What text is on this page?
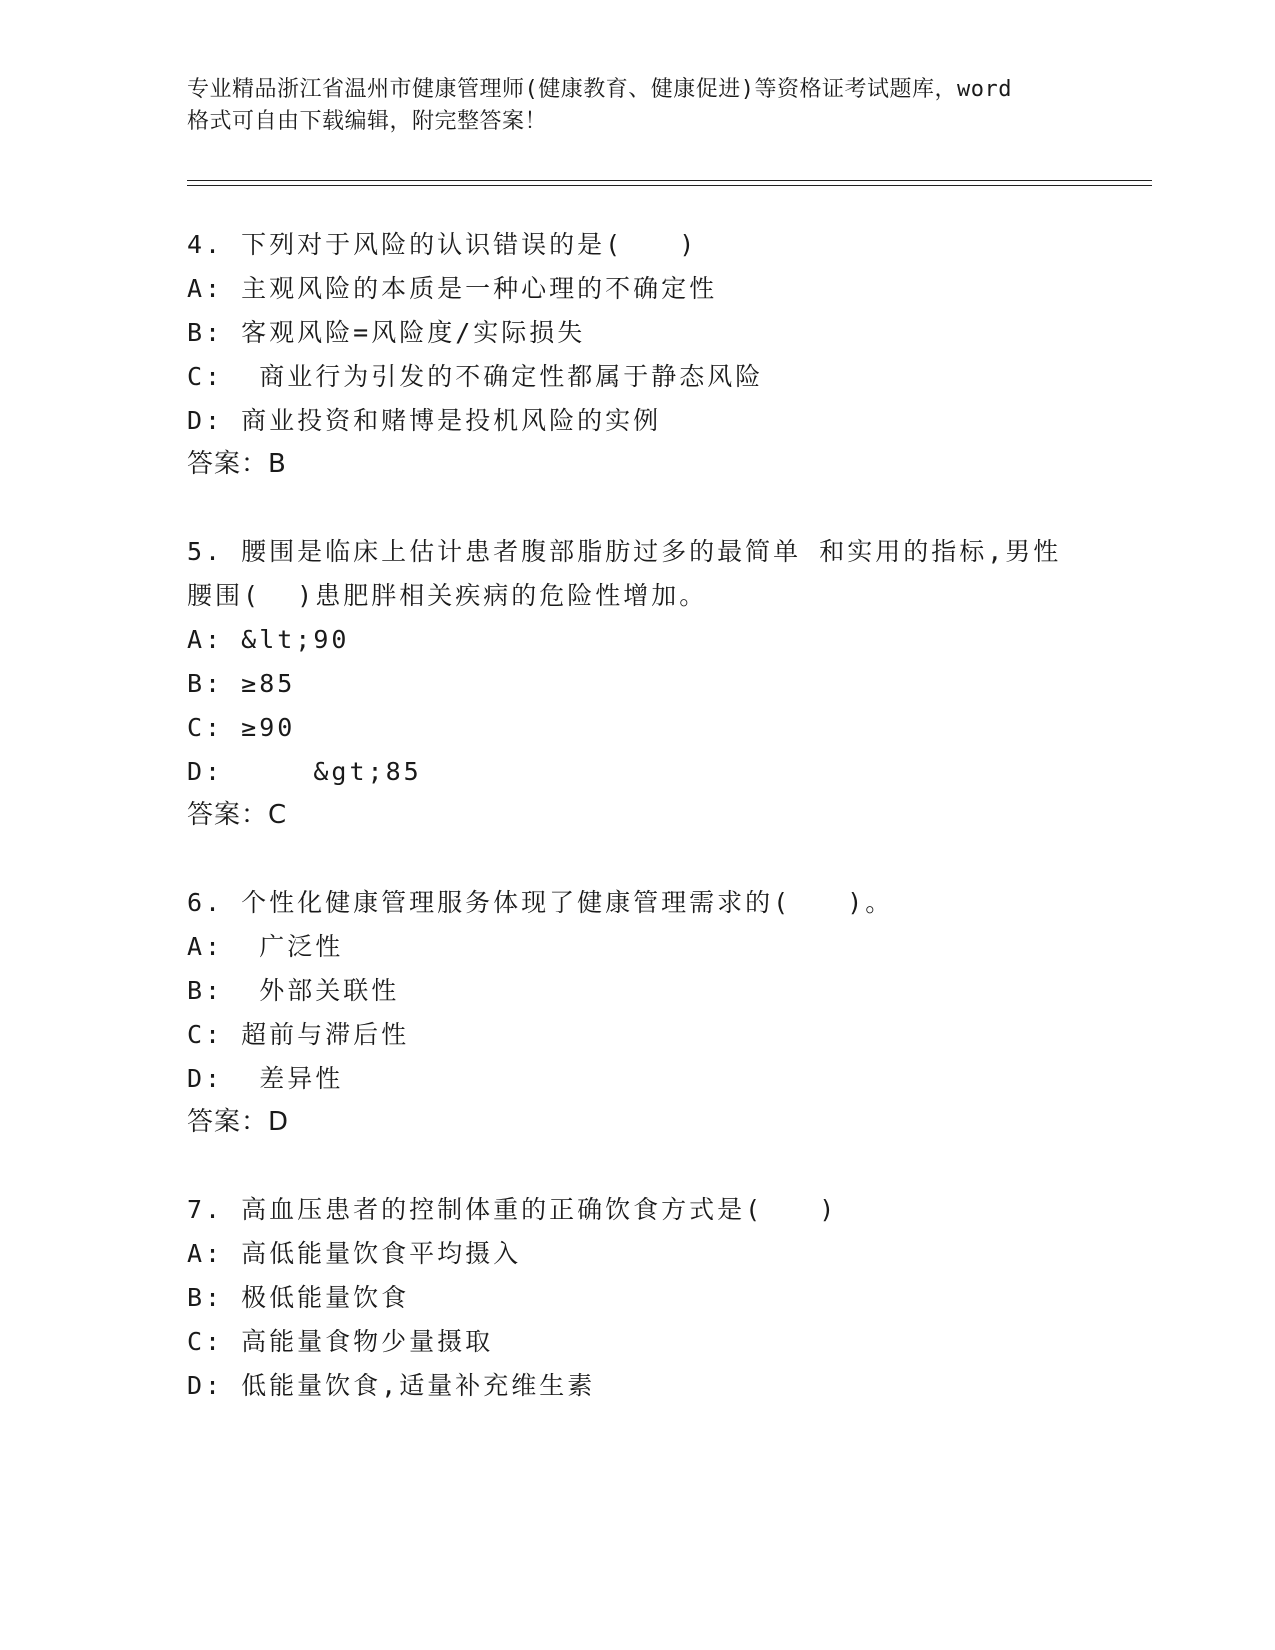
专业精品浙江省温州市健康管理师(健康教育、健康促进)等资格证考试题库，word
格式可自由下载编辑，附完整答案！
4. 下列对于风险的认识错误的是(　　)
A: 主观风险的本质是一种心理的不确定性
B: 客观风险=风险度/实际损失
C:  商业行为引发的不确定性都属于静态风险
D: 商业投资和赌博是投机风险的实例
答案：B
5. 腰围是临床上估计患者腹部脂肪过多的最简单 和实用的指标,男性
腰围(  )患肥胖相关疾病的危险性增加。
A: &lt;90
B: ≥85
C: ≥90
D:     &gt;85
答案：C
6. 个性化健康管理服务体现了健康管理需求的(　　)。
A:  广泛性
B:  外部关联性
C: 超前与滞后性
D:  差异性
答案：D
7. 高血压患者的控制体重的正确饮食方式是(　　)
A: 高低能量饮食平均摄入
B: 极低能量饮食
C: 高能量食物少量摄取
D: 低能量饮食,适量补充维生素
